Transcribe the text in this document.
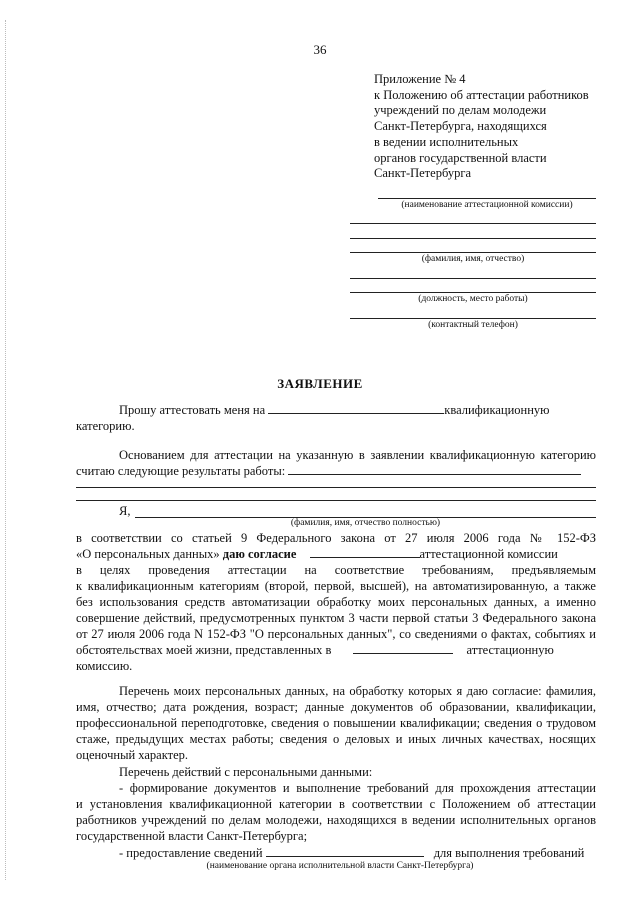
36
Приложение № 4
к Положению об аттестации работников
учреждений по делам молодежи
Санкт-Петербурга, находящихся
в ведении исполнительных
органов государственной власти
Санкт-Петербурга
(наименование аттестационной комиссии)
(фамилия, имя, отчество)
(должность, место работы)
(контактный телефон)
ЗАЯВЛЕНИЕ
Прошу аттестовать меня на	квалификационную
категорию.
Основанием для аттестации на указанную в заявлении квалификационную категорию
считаю следующие результаты работы:
Я,
(фамилия, имя, отчество полностью)
в соответствии со статьей 9 Федерального закона от 27 июля 2006 года № 152-ФЗ
«О персональных данных» даю согласие	аттестационной комиссии
в целях проведения аттестации на соответствие требованиям, предъявляемым
к квалификационным категориям (второй, первой, высшей), на автоматизированную, а также
без использования средств автоматизации обработку моих персональных данных, а именно
совершение действий, предусмотренных пунктом 3 части первой статьи 3 Федерального закона
от 27 июля 2006 года N 152-ФЗ "О персональных данных", со сведениями о фактах, событиях и
обстоятельствах моей жизни, представленных в	аттестационную
комиссию.
Перечень моих персональных данных, на обработку которых я даю согласие: фамилия,
имя, отчество; дата рождения, возраст; данные документов об образовании, квалификации,
профессиональной переподготовке, сведения о повышении квалификации; сведения о трудовом
стаже, предыдущих местах работы; сведения о деловых и иных личных качествах, носящих
оценочный характер.
Перечень действий с персональными данными:
- формирование документов и выполнение требований для прохождения аттестации
и установления квалификационной категории в соответствии с Положением об аттестации
работников учреждений по делам молодежи, находящихся в ведении исполнительных органов
государственной власти Санкт-Петербурга;
- предоставление сведений	для выполнения требований
(наименование органа исполнительной власти Санкт-Петербурга)
